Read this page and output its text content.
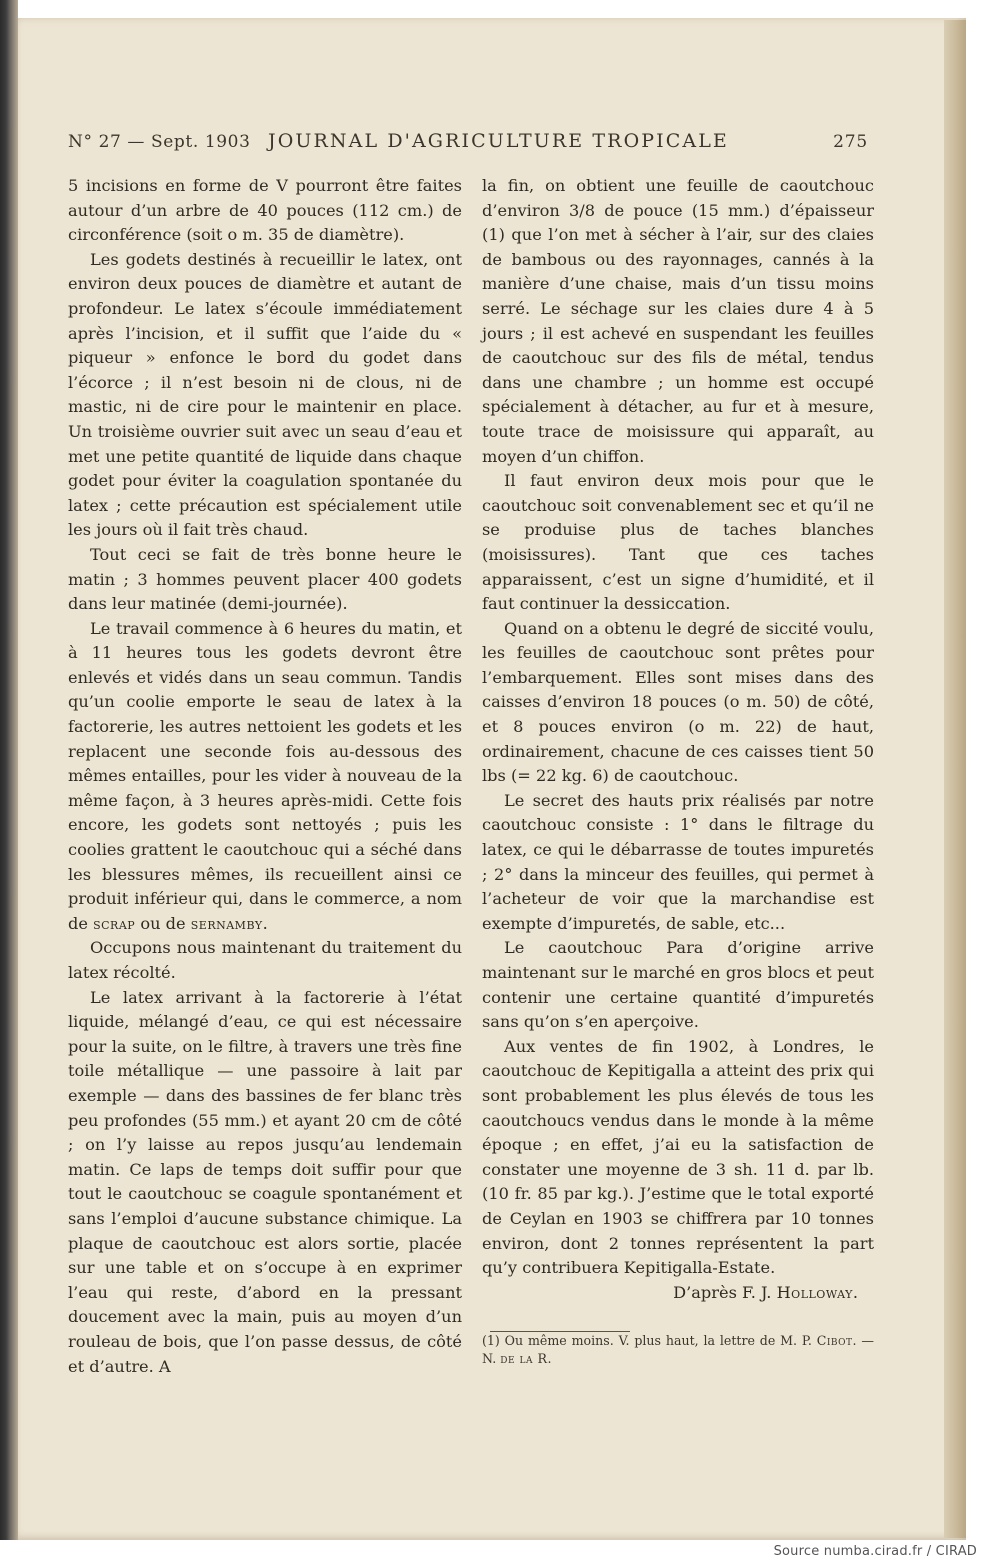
N° 27 — Sept. 1903 JOURNAL D'AGRICULTURE TROPICALE	275

5 incisions en forme de V pourront être faites autour d’un arbre de 40 pouces (112 cm.) de circonférence (soit o m. 35 de diamètre).

Les godets destinés à recueillir le latex, ont environ deux pouces de diamètre et autant de profondeur. Le latex s’écoule immédiatement après l’incision, et il suffit que l’aide du « piqueur » enfonce le bord du godet dans l’écorce ; il n’est besoin ni de clous, ni de mastic, ni de cire pour le maintenir en place. Un troisième ouvrier suit avec un seau d’eau et met une petite quantité de liquide dans chaque godet pour éviter la coagulation spontanée du latex ; cette précaution est spécialement utile les jours où il fait très chaud.

Tout ceci se fait de très bonne heure le matin ; 3 hommes peuvent placer 400 godets dans leur matinée (demi-journée).

Le travail commence à 6 heures du matin, et à 11 heures tous les godets devront être enlevés et vidés dans un seau commun. Tandis qu’un coolie emporte le seau de latex à la factorerie, les autres nettoient les godets et les replacent une seconde fois au-dessous des mêmes entailles, pour les vider à nouveau de la même façon, à 3 heures après-midi. Cette fois encore, les godets sont nettoyés ; puis les coolies grattent le caoutchouc qui a séché dans les blessures mêmes, ils recueillent ainsi ce produit inférieur qui, dans le commerce, a nom de scrap ou de sernamby.

Occupons nous maintenant du traitement du latex récolté.

Le latex arrivant à la factorerie à l’état liquide, mélangé d’eau, ce qui est nécessaire pour la suite, on le filtre, à travers une très fine toile métallique — une passoire à lait par exemple — dans des bassines de fer blanc très peu profondes (55 mm.) et ayant 20 cm de côté ; on l’y laisse au repos jusqu’au lendemain matin. Ce laps de temps doit suffir pour que tout le caoutchouc se coagule spontanément et sans l’emploi d’aucune substance chimique. La plaque de caoutchouc est alors sortie, placée sur une table et on s’occupe à en exprimer l’eau qui reste, d’abord en la pressant doucement avec la main, puis au moyen d’un rouleau de bois, que l’on passe dessus, de côté et d’autre. A

la fin, on obtient une feuille de caoutchouc d’environ 3/8 de pouce (15 mm.) d’épaisseur (1) que l’on met à sécher à l’air, sur des claies de bambous ou des rayonnages, cannés à la manière d’une chaise, mais d’un tissu moins serré. Le séchage sur les claies dure 4 à 5 jours ; il est achevé en suspendant les feuilles de caoutchouc sur des fils de métal, tendus dans une chambre ; un homme est occupé spécialement à détacher, au fur et à mesure, toute trace de moisissure qui apparaît, au moyen d’un chiffon.

Il faut environ deux mois pour que le caoutchouc soit convenablement sec et qu’il ne se produise plus de taches blanches (moisissures). Tant que ces taches apparaissent, c’est un signe d’humidité, et il faut continuer la dessiccation.

Quand on a obtenu le degré de siccité voulu, les feuilles de caoutchouc sont prêtes pour l’embarquement. Elles sont mises dans des caisses d’environ 18 pouces (o m. 50) de côté, et 8 pouces environ (o m. 22) de haut, ordinairement, chacune de ces caisses tient 50 lbs (= 22 kg. 6) de caoutchouc.

Le secret des hauts prix réalisés par notre caoutchouc consiste : 1° dans le filtrage du latex, ce qui le débarrasse de toutes impuretés ; 2° dans la minceur des feuilles, qui permet à l’acheteur de voir que la marchandise est exempte d’impuretés, de sable, etc...

Le caoutchouc Para d’origine arrive maintenant sur le marché en gros blocs et peut contenir une certaine quantité d’impuretés sans qu’on s’en aperçoive.

Aux ventes de fin 1902, à Londres, le caoutchouc de Kepitigalla a atteint des prix qui sont probablement les plus élevés de tous les caoutchoucs vendus dans le monde à la même époque ; en effet, j’ai eu la satisfaction de constater une moyenne de 3 sh. 11 d. par lb. (10 fr. 85 par kg.). J’estime que le total exporté de Ceylan en 1903 se chiffrera par 10 tonnes environ, dont 2 tonnes représentent la part qu’y contribuera Kepitigalla-Estate.

D’après F. J. Holloway.

(1) Ou même moins. V. plus haut, la lettre de M. P. Cibot. — N. de la R.

Source numba.cirad.fr / CIRAD
